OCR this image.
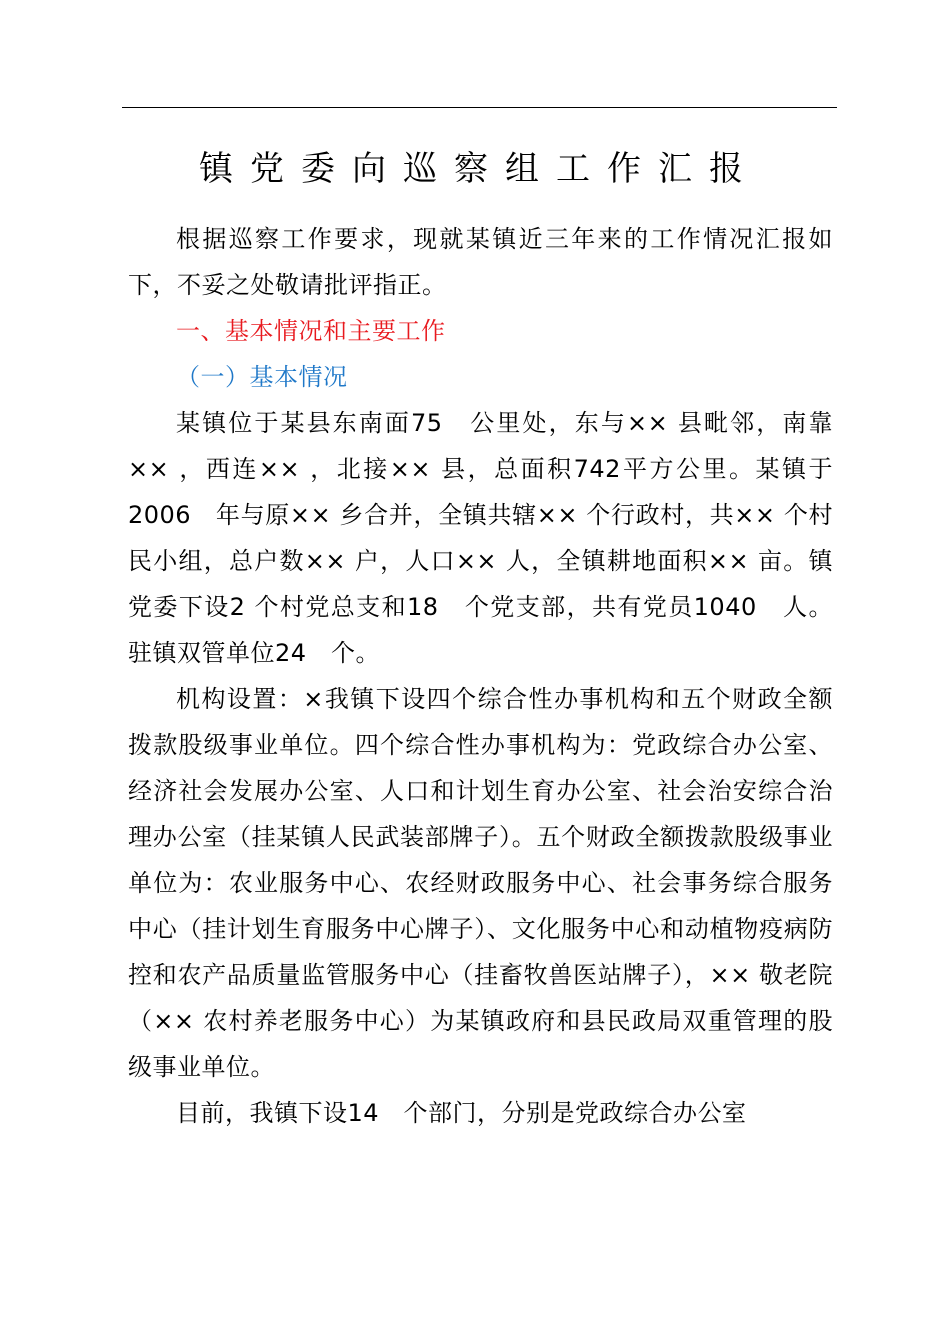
镇党委向巡察组工作汇报

根据巡察工作要求，现就某镇近三年来的工作情况汇报如下，不妥之处敬请批评指正。

一、基本情况和主要工作

（一）基本情况

某镇位于某县东南面75　公里处，东与×× 县毗邻，南靠×× ，西连×× ，北接×× 县，总面积742平方公里。某镇于2006　年与原×× 乡合并，全镇共辖×× 个行政村，共×× 个村民小组，总户数×× 户，人口×× 人，全镇耕地面积×× 亩。镇党委下设2 个村党总支和18　个党支部，共有党员1040　人。驻镇双管单位24　个。

机构设置：×我镇下设四个综合性办事机构和五个财政全额拨款股级事业单位。四个综合性办事机构为：党政综合办公室、经济社会发展办公室、人口和计划生育办公室、社会治安综合治理办公室（挂某镇人民武装部牌子）。五个财政全额拨款股级事业单位为：农业服务中心、农经财政服务中心、社会事务综合服务中心（挂计划生育服务中心牌子）、文化服务中心和动植物疫病防控和农产品质量监管服务中心（挂畜牧兽医站牌子），×× 敬老院（×× 农村养老服务中心）为某镇政府和县民政局双重管理的股级事业单位。

目前，我镇下设14　个部门，分别是党政综合办公室
